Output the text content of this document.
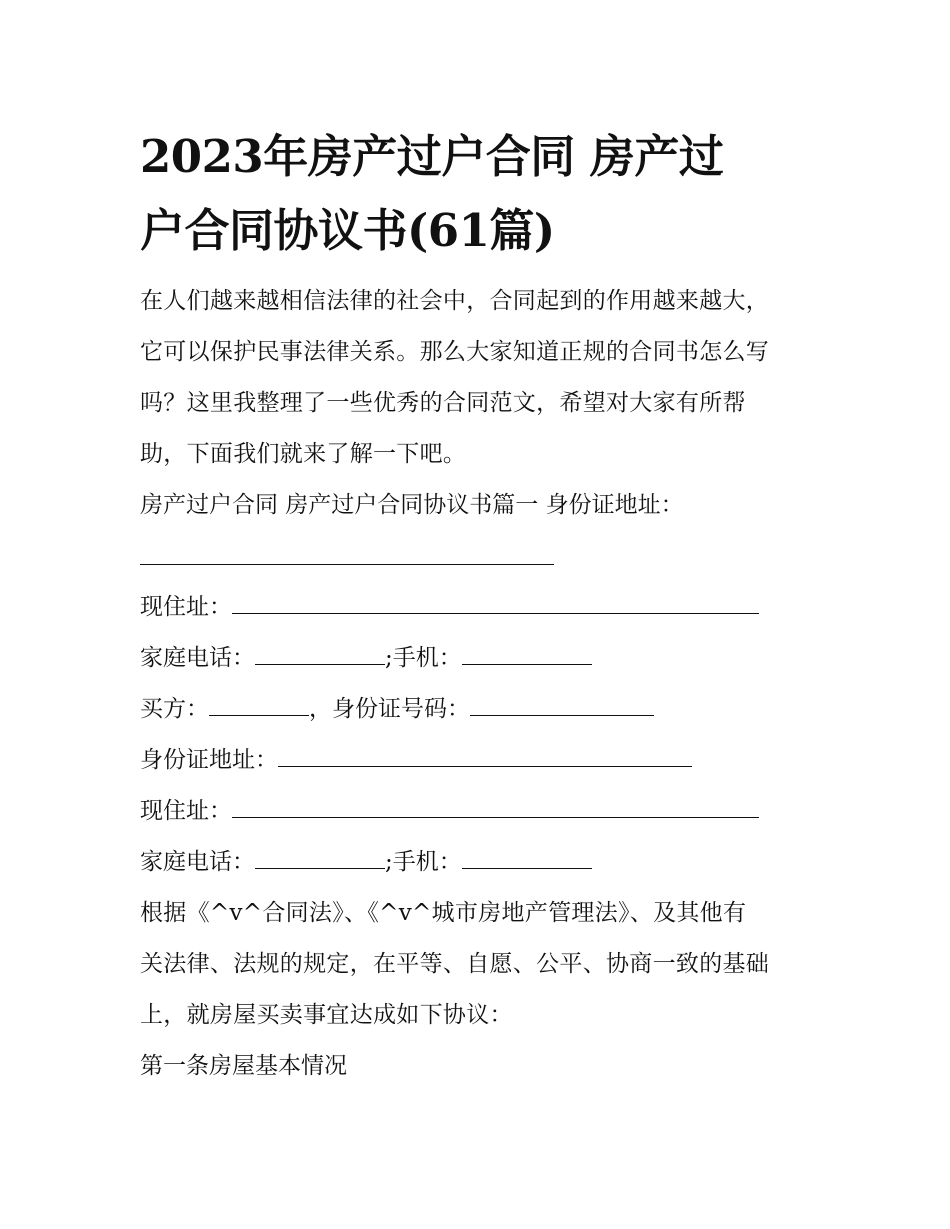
2023年房产过户合同 房产过
户合同协议书(61篇)

在人们越来越相信法律的社会中，合同起到的作用越来越大，
它可以保护民事法律关系。那么大家知道正规的合同书怎么写
吗？这里我整理了一些优秀的合同范文，希望对大家有所帮
助，下面我们就来了解一下吧。

房产过户合同 房产过户合同协议书篇一 身份证地址：

现住址：

家庭电话：	;手机：

买方：	，身份证号码：

身份证地址：

现住址：

家庭电话：	;手机：

根据《^v^合同法》、《^v^城市房地产管理法》、及其他有
关法律、法规的规定，在平等、自愿、公平、协商一致的基础
上，就房屋买卖事宜达成如下协议：

第一条房屋基本情况
